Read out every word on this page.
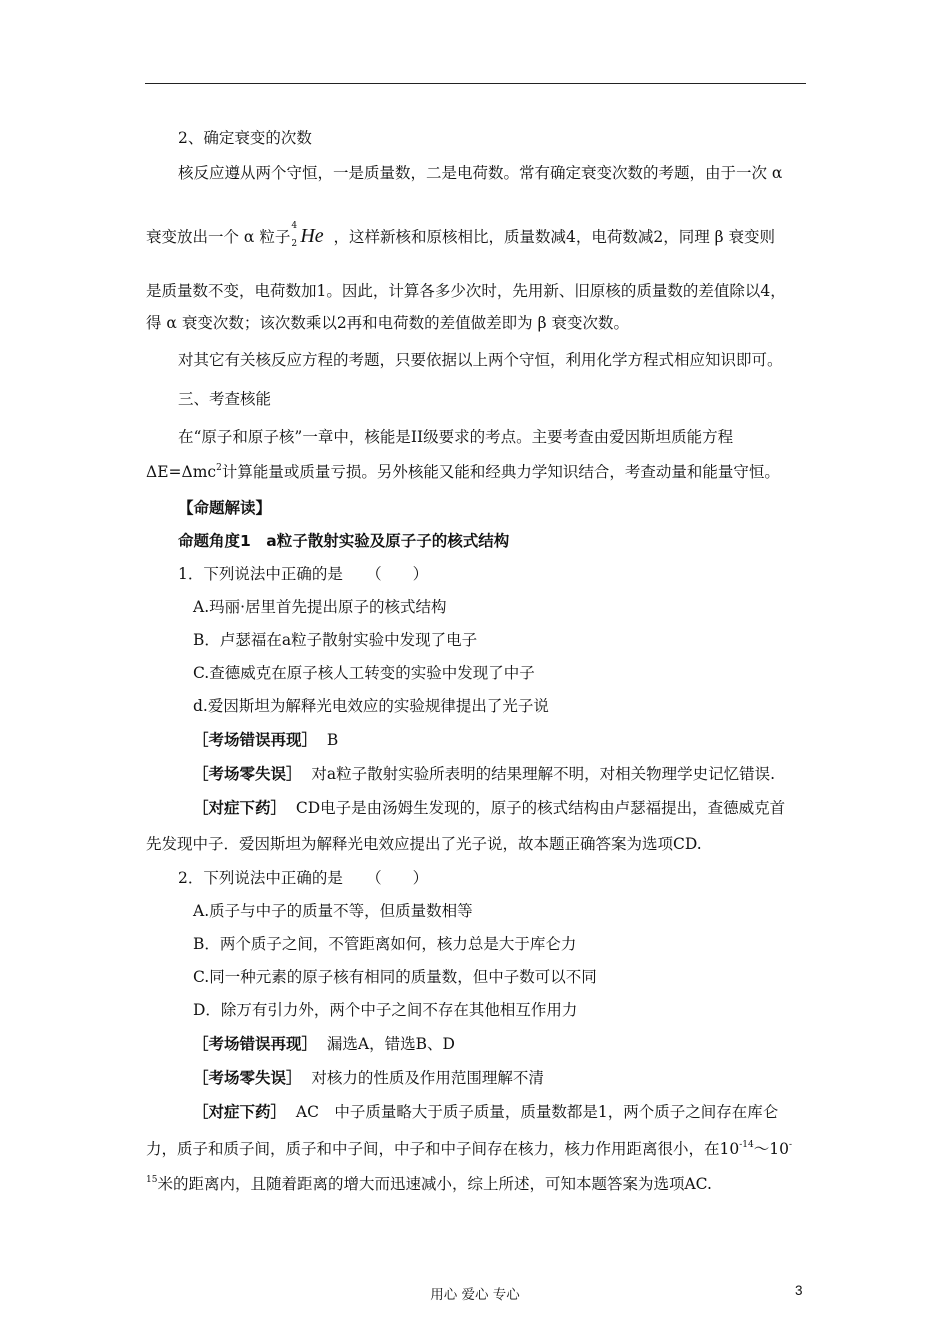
2、确定衰变的次数
核反应遵从两个守恒，一是质量数，二是电荷数。常有确定衰变次数的考题，由于一次 α
衰变放出一个 α 粒子
4
2 He ，这样新核和原核相比，质量数减4，电荷数减2，同理 β 衰变则
是质量数不变，电荷数加1。因此，计算各多少次时，先用新、旧原核的质量数的差值除以4，
得 α 衰变次数；该次数乘以2再和电荷数的差值做差即为 β 衰变次数。
对其它有关核反应方程的考题，只要依据以上两个守恒，利用化学方程式相应知识即可。
三、考查核能
在“原子和原子核”一章中，核能是II级要求的考点。主要考查由爱因斯坦质能方程
ΔE=Δmc$^2$计算能量或质量亏损。另外核能又能和经典力学知识结合，考查动量和能量守恒。
【命题解读】
命题角度1　a粒子散射实验及原子子的核式结构
1．下列说法中正确的是　　（　　）
A.玛丽·居里首先提出原子的核式结构
B．卢瑟福在a粒子散射实验中发现了电子
C.查德威克在原子核人工转变的实验中发现了中子
d.爱因斯坦为解释光电效应的实验规律提出了光子说
［考场错误再现］ B
［考场零失误］ 对a粒子散射实验所表明的结果理解不明，对相关物理学史记忆错误.
［对症下药］ CD电子是由汤姆生发现的，原子的核式结构由卢瑟福提出，查德威克首
先发现中子．爱因斯坦为解释光电效应提出了光子说，故本题正确答案为选项CD.
2．下列说法中正确的是　　（　　）
A.质子与中子的质量不等，但质量数相等
B．两个质子之间，不管距离如何，核力总是大于库仑力
C.同一种元素的原子核有相同的质量数，但中子数可以不同
D．除万有引力外，两个中子之间不存在其他相互作用力
［考场错误再现］ 漏选A，错选B、D
［考场零失误］ 对核力的性质及作用范围理解不清
［对症下药］ AC　中子质量略大于质子质量，质量数都是1，两个质子之间存在库仑
力，质子和质子间，质子和中子间，中子和中子间存在核力，核力作用距离很小，在$10^{-14}\sim 10^-$
$^{15}$米的距离内，且随着距离的增大而迅速减小，综上所述，可知本题答案为选项AC.
用心 爱心 专心	3
